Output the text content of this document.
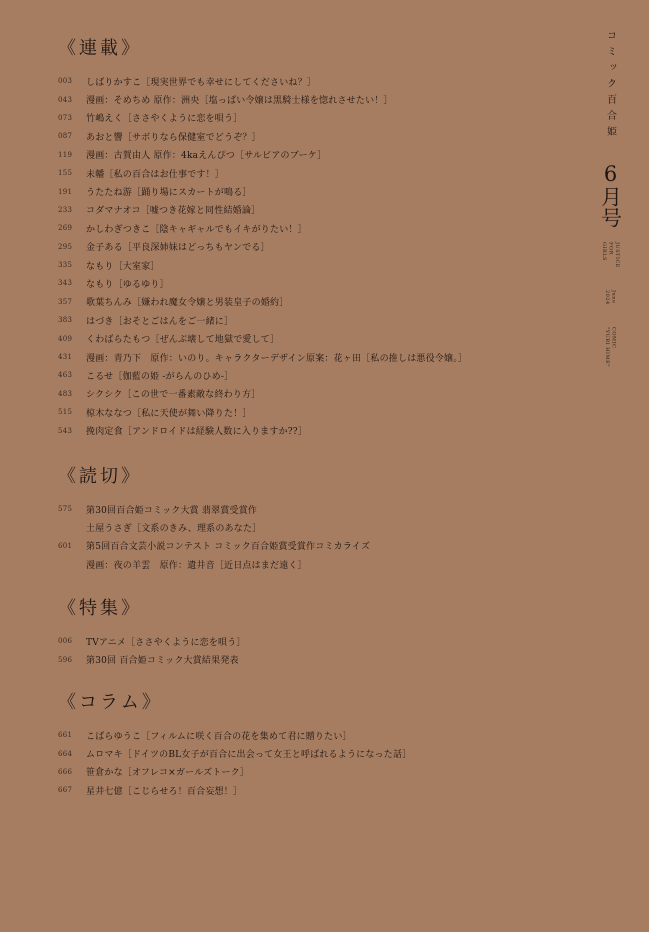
《連載》
003	しばりかすこ［現実世界でも幸せにしてくださいね？］
043	漫画：そめちめ 原作：洲央［塩っぱい令嬢は黒騎士様を惚れさせたい！］
073	竹嶋えく［ささやくように恋を唄う］
087	あおと響［サボりなら保健室でどうぞ？］
119	漫画：古賀由人 原作：4kaえんぴつ［サルビアのブーケ］
155	未幡［私の百合はお仕事です！］
191	うたたね游［踊り場にスカートが鳴る］
233	コダマナオコ［嘘つき花嫁と同性結婚論］
269	かしわぎつきこ［陰キャギャルでもイキがりたい！］
295	金子ある［平良深姉妹はどっちもヤンでる］
335	なもり［大室家］
343	なもり［ゆるゆり］
357	歌葉ちんみ［嫌われ魔女令嬢と男装皇子の婚約］
383	はづき［おそとごはんをご一緒に］
409	くわばらたもつ［ぜんぶ壊して地獄で愛して］
431	漫画：青乃下　原作：いのり。キャラクターデザイン原案：花ヶ田［私の推しは悪役令嬢。］
463	こるせ［伽藍の姫 -がらんのひめ-］
483	シクシク［この世で一番素敵な終わり方］
515	椋木ななつ［私に天使が舞い降りた！］
543	挽肉定食［アンドロイドは経験人数に入りますか??］
《読切》
575	第30回百合姫コミック大賞 翡翠賞受賞作
土屋うさぎ［文系のきみ、理系のあなた］
601	第5回百合文芸小説コンテスト コミック百合姫賞受賞作コミカライズ
漫画：夜の羊雲　原作：遺井音［近日点はまだ遠く］
《特集》
006	TVアニメ［ささやくように恋を唄う］
596	第30回 百合姫コミック大賞結果発表
《コラム》
661	こばらゆうこ［フィルムに咲く百合の花を集めて君に贈りたい］
664	ムロマキ［ドイツのBL女子が百合に出会って女王と呼ばれるようになった話］
666	笹倉かな［オフレコ×ガールズトーク］
667	星井七億［こじらせろ！百合妄想！］
コミック百合姫
6月号
JUSTICE
FOR
GIRLS
June
2024
COMIC
"YURI HIME"
